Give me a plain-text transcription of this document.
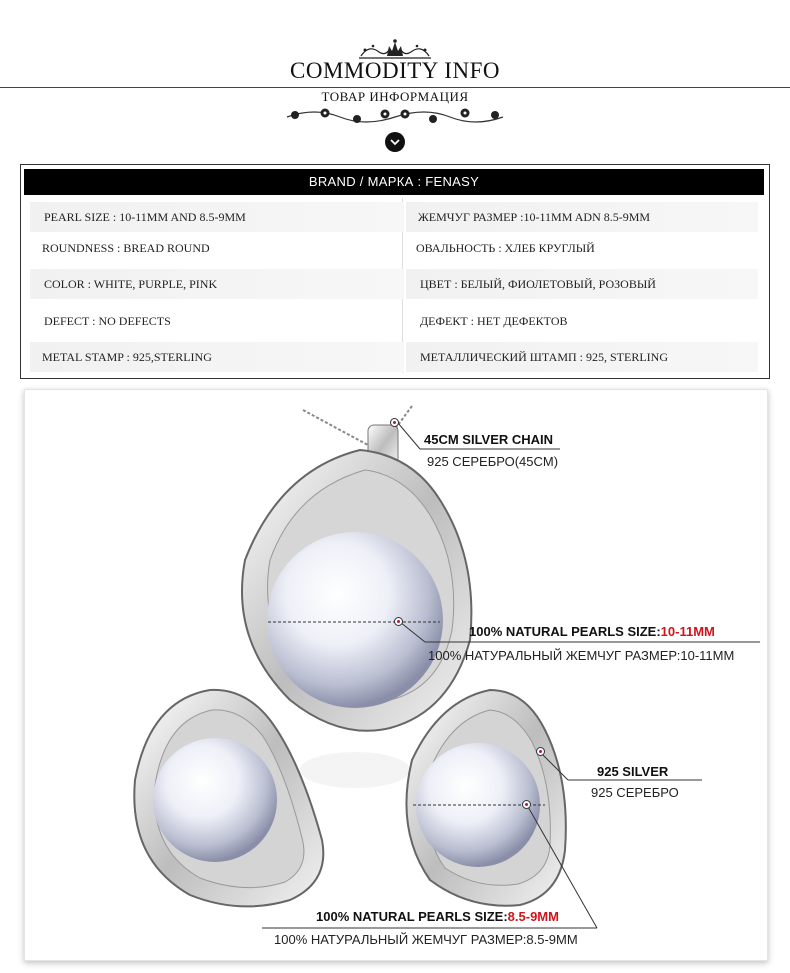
COMMODITY INFO
ТОВАР ИНФОРМАЦИЯ
BRAND / МАРКА : FENASY
PEARL SIZE : 10-11MM AND 8.5-9MM	ЖЕМЧУГ РАЗМЕР :10-11MM ADN 8.5-9MM
ROUNDNESS : BREAD ROUND	ОВАЛЬНОСТЬ : ХЛЕБ КРУГЛЫЙ
COLOR : WHITE, PURPLE, PINK	ЦВЕТ : БЕЛЫЙ, ФИОЛЕТОВЫЙ, РОЗОВЫЙ
DEFECT : NO DEFECTS	ДЕФЕКТ : НЕТ ДЕФЕКТОВ
METAL STAMP : 925,STERLING	МЕТАЛЛИЧЕСКИЙ ШТАМП : 925, STERLING
45CM SILVER CHAIN
925 СЕРЕБРО(45CM)
100% NATURAL PEARLS SIZE:10-11MM
100% НАТУРАЛЬНЫЙ ЖЕМЧУГ РАЗМЕР:10-11MM
925 SILVER
925 СЕРЕБРО
100% NATURAL PEARLS SIZE:8.5-9MM
100% НАТУРАЛЬНЫЙ ЖЕМЧУГ РАЗМЕР:8.5-9MM
